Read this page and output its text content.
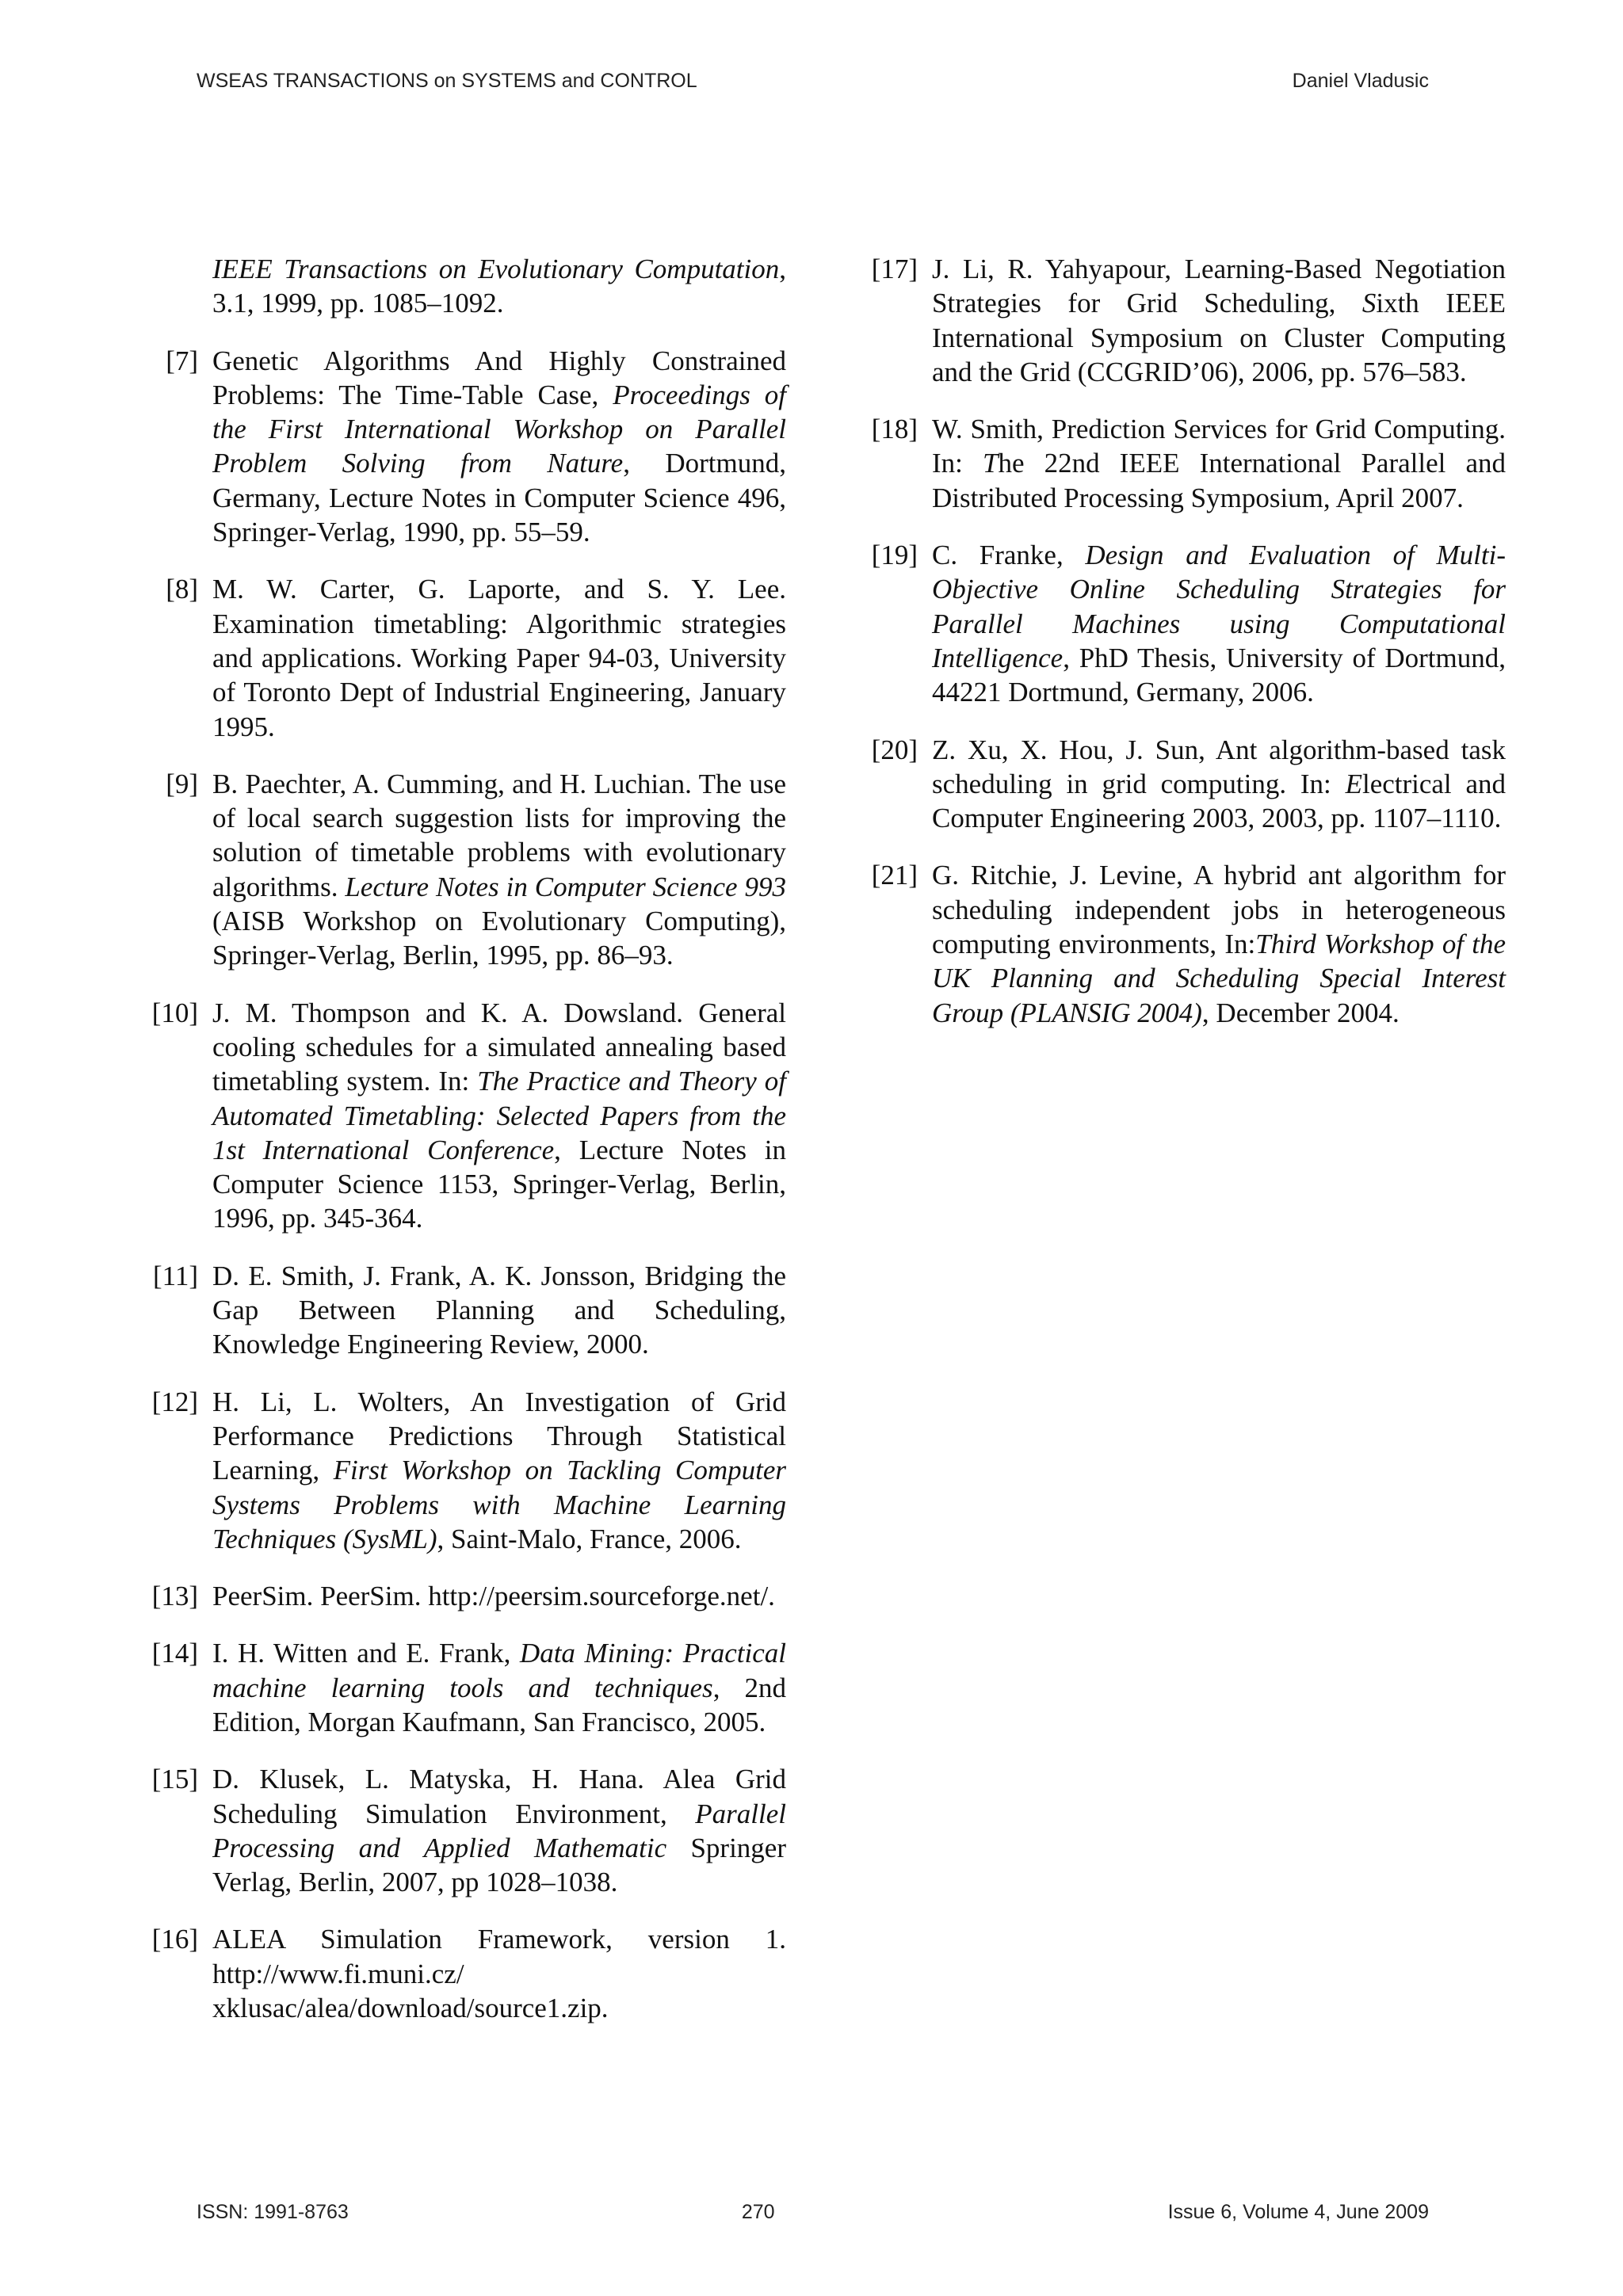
WSEAS TRANSACTIONS on SYSTEMS and CONTROL	Daniel Vladusic
IEEE Transactions on Evolutionary Computation, 3.1, 1999, pp. 1085–1092.
[7] Genetic Algorithms And Highly Constrained Problems: The Time-Table Case, Proceedings of the First International Workshop on Parallel Problem Solving from Nature, Dortmund, Germany, Lecture Notes in Computer Science 496, Springer-Verlag, 1990, pp. 55–59.
[8] M. W. Carter, G. Laporte, and S. Y. Lee. Examination timetabling: Algorithmic strategies and applications. Working Paper 94-03, University of Toronto Dept of Industrial Engineering, January 1995.
[9] B. Paechter, A. Cumming, and H. Luchian. The use of local search suggestion lists for improving the solution of timetable problems with evolutionary algorithms. Lecture Notes in Computer Science 993 (AISB Workshop on Evolutionary Computing), Springer-Verlag, Berlin, 1995, pp. 86–93.
[10] J. M. Thompson and K. A. Dowsland. General cooling schedules for a simulated annealing based timetabling system. In: The Practice and Theory of Automated Timetabling: Selected Papers from the 1st International Conference, Lecture Notes in Computer Science 1153, Springer-Verlag, Berlin, 1996, pp. 345-364.
[11] D. E. Smith, J. Frank, A. K. Jonsson, Bridging the Gap Between Planning and Scheduling, Knowledge Engineering Review, 2000.
[12] H. Li, L. Wolters, An Investigation of Grid Performance Predictions Through Statistical Learning, First Workshop on Tackling Computer Systems Problems with Machine Learning Techniques (SysML), Saint-Malo, France, 2006.
[13] PeerSim. PeerSim. http://peersim.sourceforge.net/.
[14] I. H. Witten and E. Frank, Data Mining: Practical machine learning tools and techniques, 2nd Edition, Morgan Kaufmann, San Francisco, 2005.
[15] D. Klusek, L. Matyska, H. Hana. Alea Grid Scheduling Simulation Environment, Parallel Processing and Applied Mathematic Springer Verlag, Berlin, 2007, pp 1028–1038.
[16] ALEA Simulation Framework, version 1. http://www.fi.muni.cz/ xklusac/alea/download/source1.zip.
[17] J. Li, R. Yahyapour, Learning-Based Negotiation Strategies for Grid Scheduling, Sixth IEEE International Symposium on Cluster Computing and the Grid (CCGRID’06), 2006, pp. 576–583.
[18] W. Smith, Prediction Services for Grid Computing. In: The 22nd IEEE International Parallel and Distributed Processing Symposium, April 2007.
[19] C. Franke, Design and Evaluation of Multi-Objective Online Scheduling Strategies for Parallel Machines using Computational Intelligence, PhD Thesis, University of Dortmund, 44221 Dortmund, Germany, 2006.
[20] Z. Xu, X. Hou, J. Sun, Ant algorithm-based task scheduling in grid computing. In: Electrical and Computer Engineering 2003, 2003, pp. 1107–1110.
[21] G. Ritchie, J. Levine, A hybrid ant algorithm for scheduling independent jobs in heterogeneous computing environments, In:Third Workshop of the UK Planning and Scheduling Special Interest Group (PLANSIG 2004), December 2004.
ISSN: 1991-8763	270	Issue 6, Volume 4, June 2009
